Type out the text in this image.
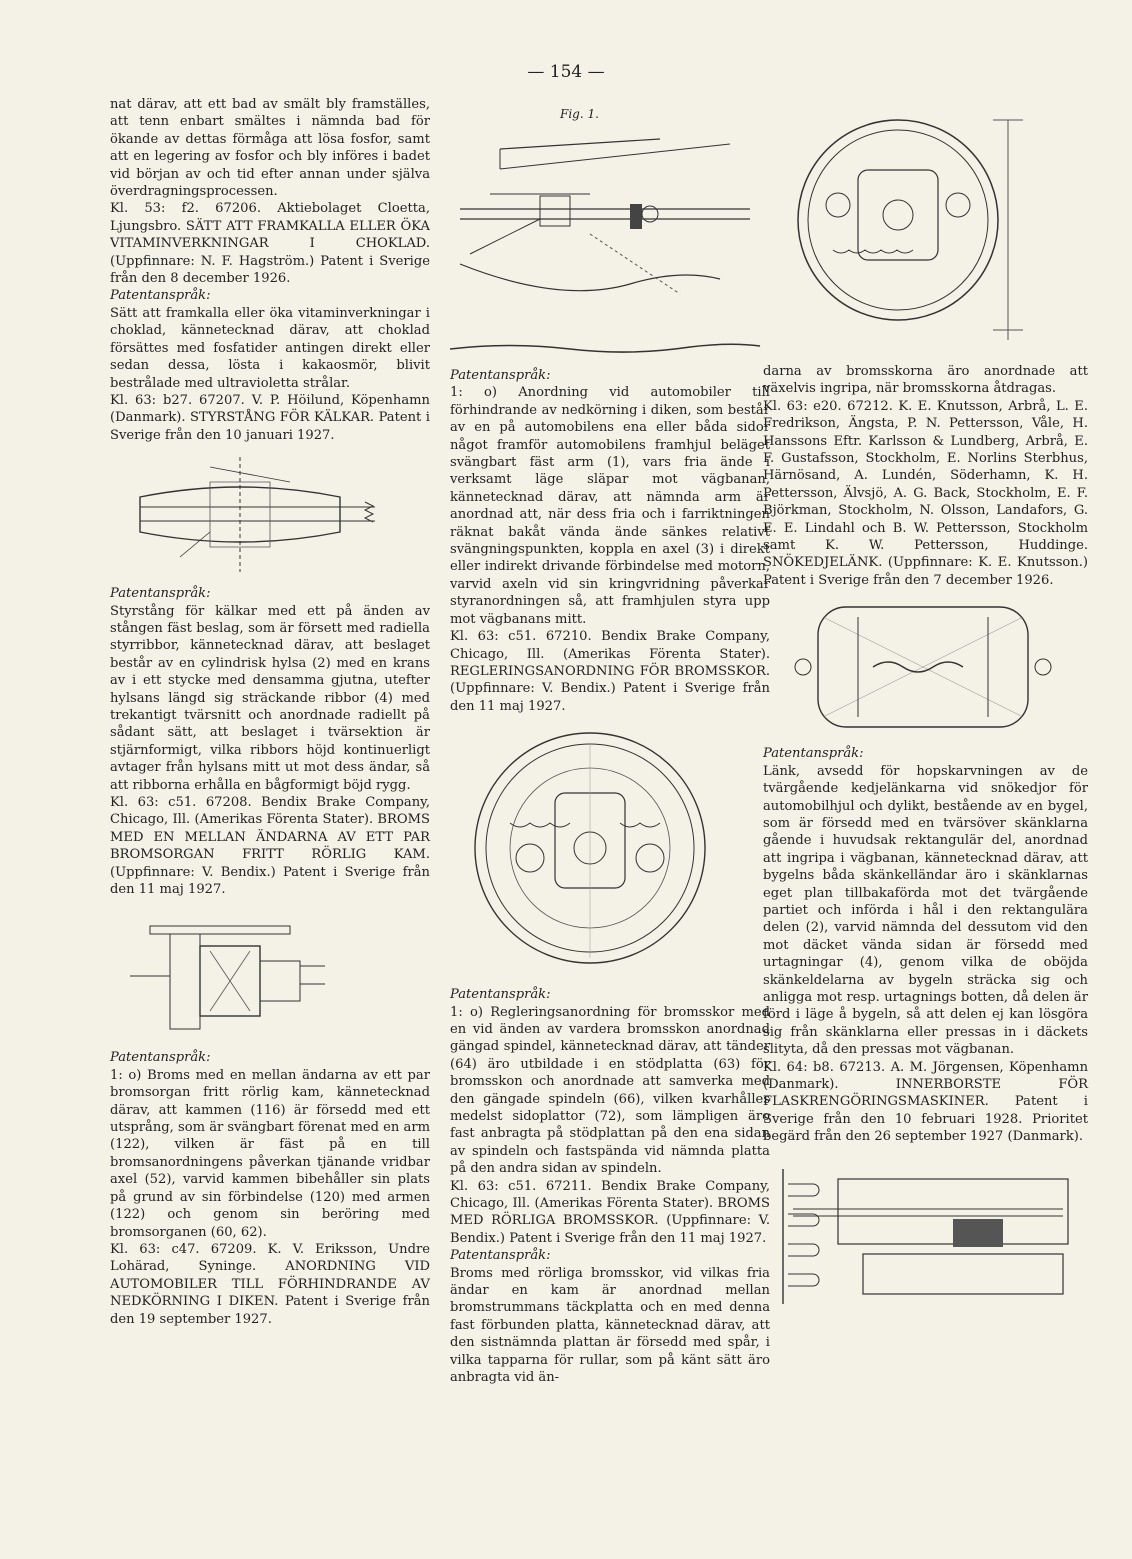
— 154 —

nat därav, att ett bad av smält bly framställes, att tenn enbart smältes i nämnda bad för ökande av dettas förmåga att lösa fosfor, samt att en legering av fosfor och bly införes i badet vid början av och tid efter annan under själva överdragningsprocessen.

Kl. 53: f2. 67206. Aktiebolaget Cloetta, Ljungsbro. SÄTT ATT FRAMKALLA ELLER ÖKA VITAMINVERKNINGAR I CHOKLAD. (Uppfinnare: N. F. Hagström.) Patent i Sverige från den 8 december 1926.

Patentanspråk:

Sätt att framkalla eller öka vitaminverkningar i choklad, kännetecknad därav, att choklad försättes med fosfatider antingen direkt eller sedan dessa, lösta i kakaosmör, blivit bestrålade med ultravioletta strålar.

Kl. 63: b27. 67207. V. P. Höilund, Köpenhamn (Danmark). STYRSTÅNG FÖR KÄLKAR. Patent i Sverige från den 10 januari 1927.

Patentanspråk:

Styrstång för kälkar med ett på änden av stången fäst beslag, som är försett med radiella styrribbor, kännetecknad därav, att beslaget består av en cylindrisk hylsa (2) med en krans av i ett stycke med densamma gjutna, utefter hylsans längd sig sträckande ribbor (4) med trekantigt tvärsnitt och anordnade radiellt på sådant sätt, att beslaget i tvärsektion är stjärnformigt, vilka ribbors höjd kontinuerligt avtager från hylsans mitt ut mot dess ändar, så att ribborna erhålla en bågformigt böjd rygg.

Kl. 63: c51. 67208. Bendix Brake Company, Chicago, Ill. (Amerikas Förenta Stater). BROMS MED EN MELLAN ÄNDARNA AV ETT PAR BROMSORGAN FRITT RÖRLIG KAM. (Uppfinnare: V. Bendix.) Patent i Sverige från den 11 maj 1927.

Patentanspråk:

1: o) Broms med en mellan ändarna av ett par bromsorgan fritt rörlig kam, kännetecknad därav, att kammen (116) är försedd med ett utsprång, som är svängbart förenat med en arm (122), vilken är fäst på en till bromsanordningens påverkan tjänande vridbar axel (52), varvid kammen bibehåller sin plats på grund av sin förbindelse (120) med armen (122) och genom sin beröring med bromsorganen (60, 62).

Kl. 63: c47. 67209. K. V. Eriksson, Undre Lohärad, Syninge. ANORDNING VID AUTOMOBILER TILL FÖRHINDRANDE AV NEDKÖRNING I DIKEN. Patent i Sverige från den 19 september 1927.

Fig. 1.

Patentanspråk:

1: o) Anordning vid automobiler till förhindrande av nedkörning i diken, som består av en på automobilens ena eller båda sidor något framför automobilens framhjul beläget svängbart fäst arm (1), vars fria ände i verksamt läge släpar mot vägbanan, kännetecknad därav, att nämnda arm är anordnad att, när dess fria och i farriktningen räknat bakåt vända ände sänkes relativt svängningspunkten, koppla en axel (3) i direkt eller indirekt drivande förbindelse med motorn, varvid axeln vid sin kringvridning påverkar styranordningen så, att framhjulen styra upp mot vägbanans mitt.

Kl. 63: c51. 67210. Bendix Brake Company, Chicago, Ill. (Amerikas Förenta Stater). REGLERINGSANORDNING FÖR BROMSSKOR. (Uppfinnare: V. Bendix.) Patent i Sverige från den 11 maj 1927.

Patentanspråk:

1: o) Regleringsanordning för bromsskor med en vid änden av vardera bromsskon anordnad gängad spindel, kännetecknad därav, att tänder (64) äro utbildade i en stödplatta (63) för bromsskon och anordnade att samverka med den gängade spindeln (66), vilken kvarhålles medelst sidoplattor (72), som lämpligen äro fast anbragta på stödplattan på den ena sidan av spindeln och fastspända vid nämnda platta på den andra sidan av spindeln.

Kl. 63: c51. 67211. Bendix Brake Company, Chicago, Ill. (Amerikas Förenta Stater). BROMS MED RÖRLIGA BROMSSKOR. (Uppfinnare: V. Bendix.) Patent i Sverige från den 11 maj 1927.

Patentanspråk:

Broms med rörliga bromsskor, vid vilkas fria ändar en kam är anordnad mellan bromstrummans täckplatta och en med denna fast förbunden platta, kännetecknad därav, att den sistnämnda plattan är försedd med spår, i vilka tapparna för rullar, som på känt sätt äro anbragta vid än-

darna av bromsskorna äro anordnade att växelvis ingripa, när bromsskorna åtdragas.

Kl. 63: e20. 67212. K. E. Knutsson, Arbrå, L. E. Fredrikson, Ängsta, P. N. Pettersson, Våle, H. Hanssons Eftr. Karlsson & Lundberg, Arbrå, E. F. Gustafsson, Stockholm, E. Norlins Sterbhus, Härnösand, A. Lundén, Söderhamn, K. H. Pettersson, Älvsjö, A. G. Back, Stockholm, E. F. Björkman, Stockholm, N. Olsson, Landafors, G. E. E. Lindahl och B. W. Pettersson, Stockholm samt K. W. Pettersson, Huddinge. SNÖKEDJELÄNK. (Uppfinnare: K. E. Knutsson.) Patent i Sverige från den 7 december 1926.

Patentanspråk:

Länk, avsedd för hopskarvningen av de tvärgående kedjelänkarna vid snökedjor för automobilhjul och dylikt, bestående av en bygel, som är försedd med en tvärsöver skänklarna gående i huvudsak rektangulär del, anordnad att ingripa i vägbanan, kännetecknad därav, att bygelns båda skänkelländar äro i skänklarnas eget plan tillbakaförda mot det tvärgående partiet och införda i hål i den rektangulära delen (2), varvid nämnda del dessutom vid den mot däcket vända sidan är försedd med urtagningar (4), genom vilka de oböjda skänkeldelarna av bygeln sträcka sig och anligga mot resp. urtagnings botten, då delen är förd i läge å bygeln, så att delen ej kan lösgöra sig från skänklarna eller pressas in i däckets slityta, då den pressas mot vägbanan.

Kl. 64: b8. 67213. A. M. Jörgensen, Köpenhamn (Danmark). INNERBORSTE FÖR FLASKRENGÖRINGSMASKINER. Patent i Sverige från den 10 februari 1928. Prioritet begärd från den 26 september 1927 (Danmark).
